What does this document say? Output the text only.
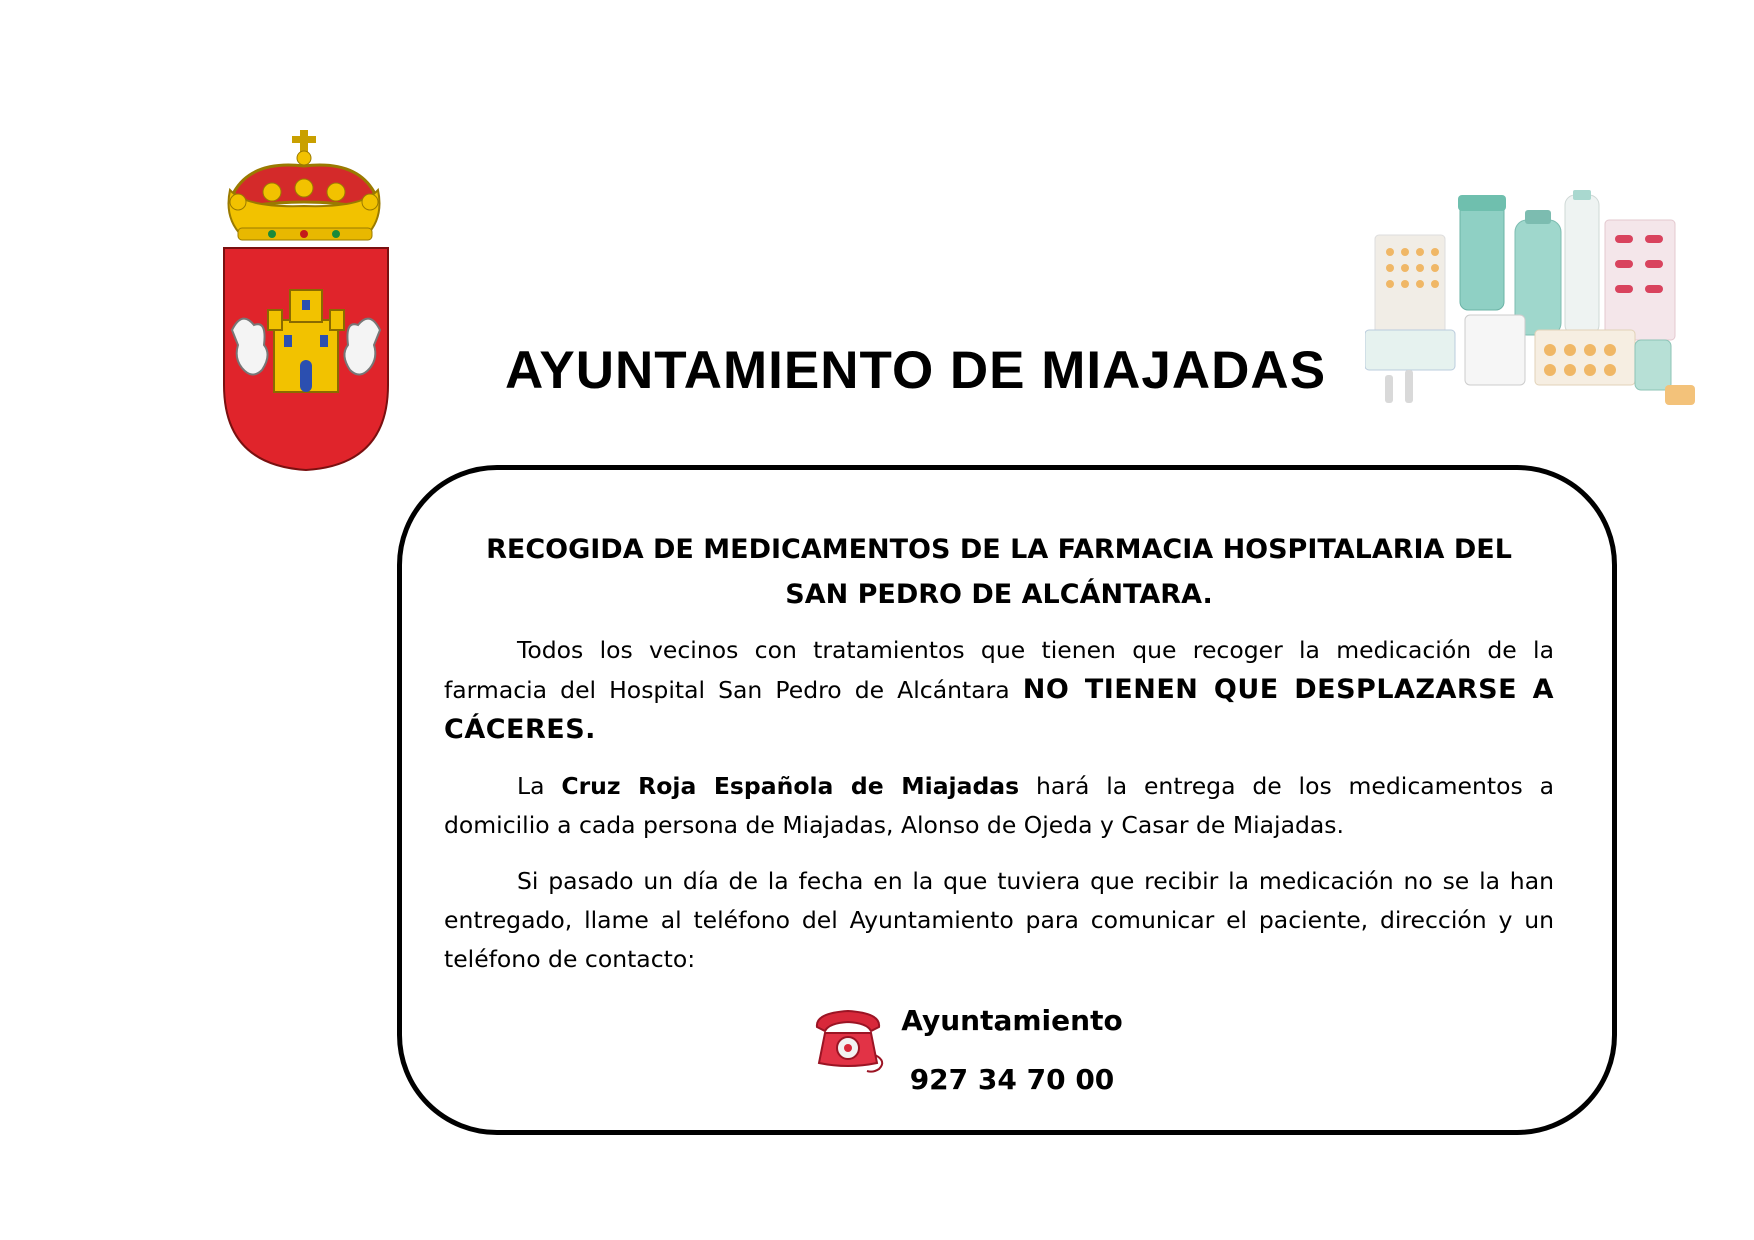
AYUNTAMIENTO DE MIAJADAS
RECOGIDA DE MEDICAMENTOS DE LA FARMACIA HOSPITALARIA DEL SAN PEDRO DE ALCÁNTARA.

Todos los vecinos con tratamientos que tienen que recoger la medicación de la farmacia del Hospital San Pedro de Alcántara NO TIENEN QUE DESPLAZARSE A CÁCERES.

La Cruz Roja Española de Miajadas hará la entrega de los medicamentos a domicilio a cada persona de Miajadas, Alonso de Ojeda y Casar de Miajadas.

Si pasado un día de la fecha en la que tuviera que recibir la medicación no se la han entregado, llame al teléfono del Ayuntamiento para comunicar el paciente, dirección y un teléfono de contacto:

Ayuntamiento
927 34 70 00
